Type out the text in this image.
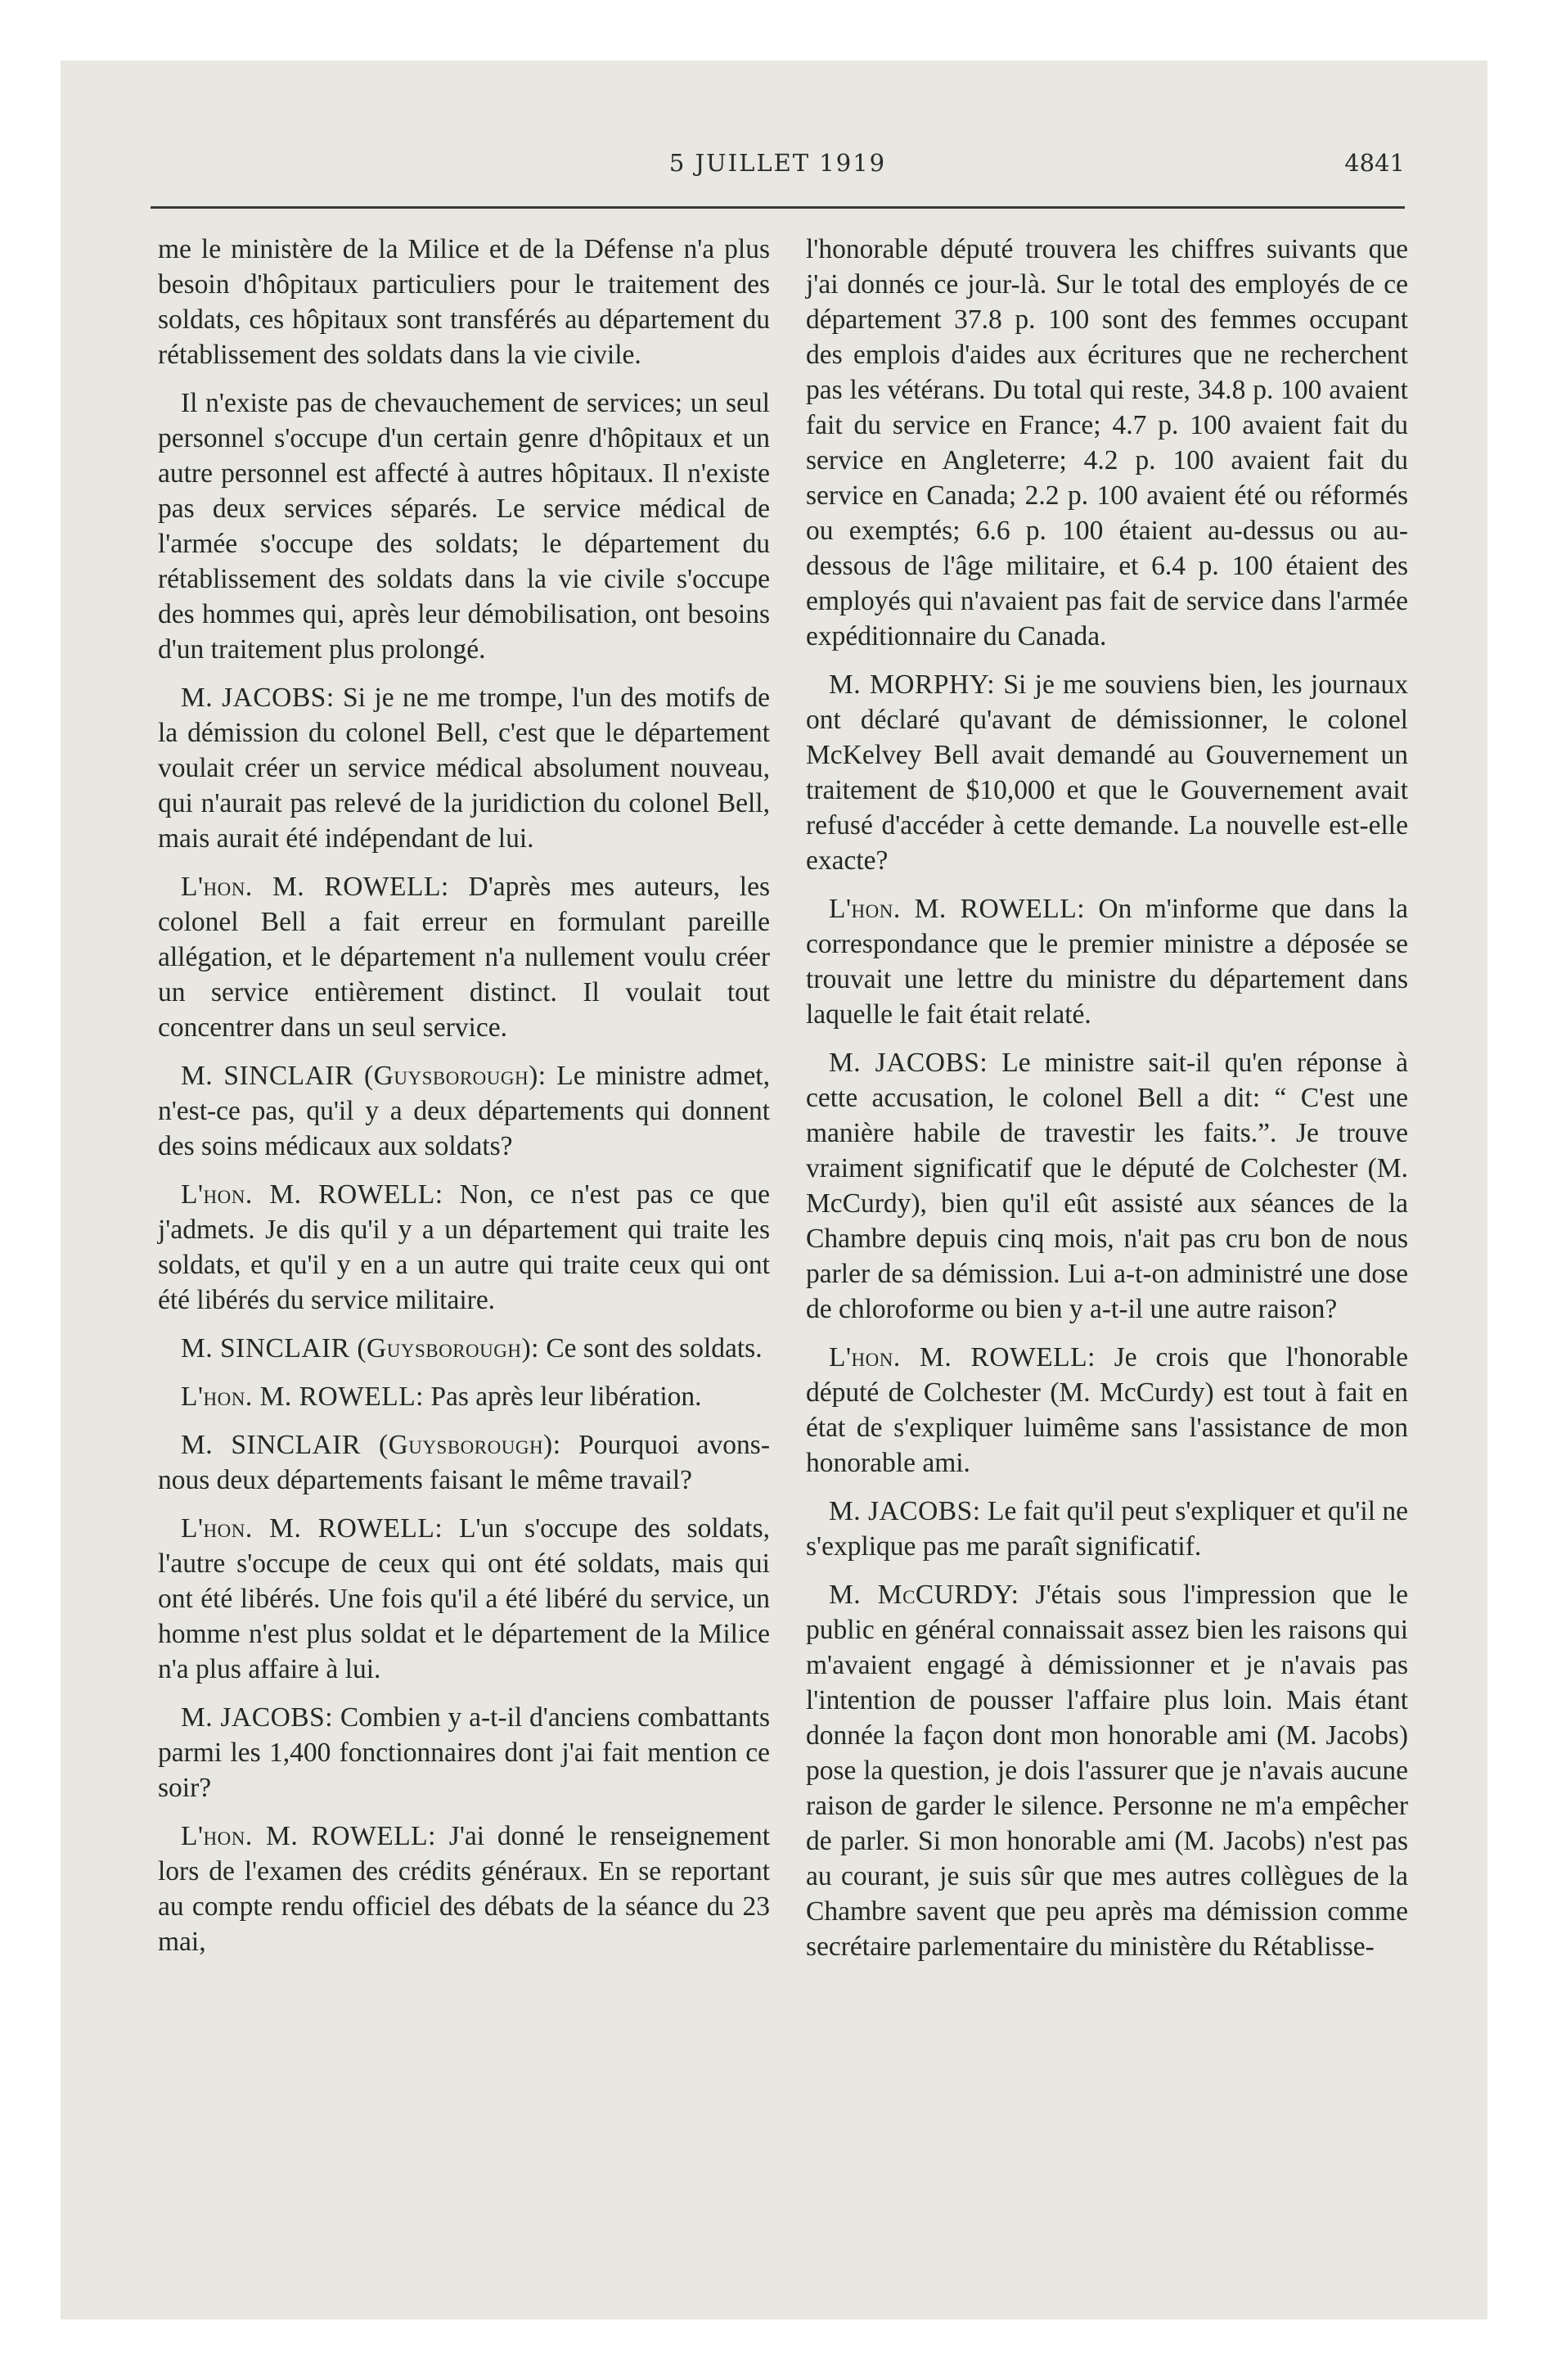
5 JUILLET 1919	4841

me le ministère de la Milice et de la Défense n'a plus besoin d'hôpitaux particuliers pour le traitement des soldats, ces hôpitaux sont transférés au département du rétablissement des soldats dans la vie civile.

Il n'existe pas de chevauchement de services; un seul personnel s'occupe d'un certain genre d'hôpitaux et un autre personnel est affecté à autres hôpitaux. Il n'existe pas deux services séparés. Le service médical de l'armée s'occupe des soldats; le département du rétablissement des soldats dans la vie civile s'occupe des hommes qui, après leur démobilisation, ont besoins d'un traitement plus prolongé.

M. JACOBS: Si je ne me trompe, l'un des motifs de la démission du colonel Bell, c'est que le département voulait créer un service médical absolument nouveau, qui n'aurait pas relevé de la juridiction du colonel Bell, mais aurait été indépendant de lui.

L'hon. M. ROWELL: D'après mes auteurs, les colonel Bell a fait erreur en formulant pareille allégation, et le département n'a nullement voulu créer un service entièrement distinct. Il voulait tout concentrer dans un seul service.

M. SINCLAIR (Guysborough): Le ministre admet, n'est-ce pas, qu'il y a deux départements qui donnent des soins médicaux aux soldats?

L'hon. M. ROWELL: Non, ce n'est pas ce que j'admets. Je dis qu'il y a un département qui traite les soldats, et qu'il y en a un autre qui traite ceux qui ont été libérés du service militaire.

M. SINCLAIR (Guysborough): Ce sont des soldats.

L'hon. M. ROWELL: Pas après leur libération.

M. SINCLAIR (Guysborough): Pourquoi avons-nous deux départements faisant le même travail?

L'hon. M. ROWELL: L'un s'occupe des soldats, l'autre s'occupe de ceux qui ont été soldats, mais qui ont été libérés. Une fois qu'il a été libéré du service, un homme n'est plus soldat et le département de la Milice n'a plus affaire à lui.

M. JACOBS: Combien y a-t-il d'anciens combattants parmi les 1,400 fonctionnaires dont j'ai fait mention ce soir?

L'hon. M. ROWELL: J'ai donné le renseignement lors de l'examen des crédits généraux. En se reportant au compte rendu officiel des débats de la séance du 23 mai,

l'honorable député trouvera les chiffres suivants que j'ai donnés ce jour-là. Sur le total des employés de ce département 37.8 p. 100 sont des femmes occupant des emplois d'aides aux écritures que ne recherchent pas les vétérans. Du total qui reste, 34.8 p. 100 avaient fait du service en France; 4.7 p. 100 avaient fait du service en Angleterre; 4.2 p. 100 avaient fait du service en Canada; 2.2 p. 100 avaient été ou réformés ou exemptés; 6.6 p. 100 étaient au-dessus ou au-dessous de l'âge militaire, et 6.4 p. 100 étaient des employés qui n'avaient pas fait de service dans l'armée expéditionnaire du Canada.

M. MORPHY: Si je me souviens bien, les journaux ont déclaré qu'avant de démissionner, le colonel McKelvey Bell avait demandé au Gouvernement un traitement de $10,000 et que le Gouvernement avait refusé d'accéder à cette demande. La nouvelle est-elle exacte?

L'hon. M. ROWELL: On m'informe que dans la correspondance que le premier ministre a déposée se trouvait une lettre du ministre du département dans laquelle le fait était relaté.

M. JACOBS: Le ministre sait-il qu'en réponse à cette accusation, le colonel Bell a dit: “ C'est une manière habile de travestir les faits.”. Je trouve vraiment significatif que le député de Colchester (M. McCurdy), bien qu'il eût assisté aux séances de la Chambre depuis cinq mois, n'ait pas cru bon de nous parler de sa démission. Lui a-t-on administré une dose de chloroforme ou bien y a-t-il une autre raison?

L'hon. M. ROWELL: Je crois que l'honorable député de Colchester (M. McCurdy) est tout à fait en état de s'expliquer luimême sans l'assistance de mon honorable ami.

M. JACOBS: Le fait qu'il peut s'expliquer et qu'il ne s'explique pas me paraît significatif.

M. McCURDY: J'étais sous l'impression que le public en général connaissait assez bien les raisons qui m'avaient engagé à démissionner et je n'avais pas l'intention de pousser l'affaire plus loin. Mais étant donnée la façon dont mon honorable ami (M. Jacobs) pose la question, je dois l'assurer que je n'avais aucune raison de garder le silence. Personne ne m'a empêcher de parler. Si mon honorable ami (M. Jacobs) n'est pas au courant, je suis sûr que mes autres collègues de la Chambre savent que peu après ma démission comme secrétaire parlementaire du ministère du Rétablisse-
